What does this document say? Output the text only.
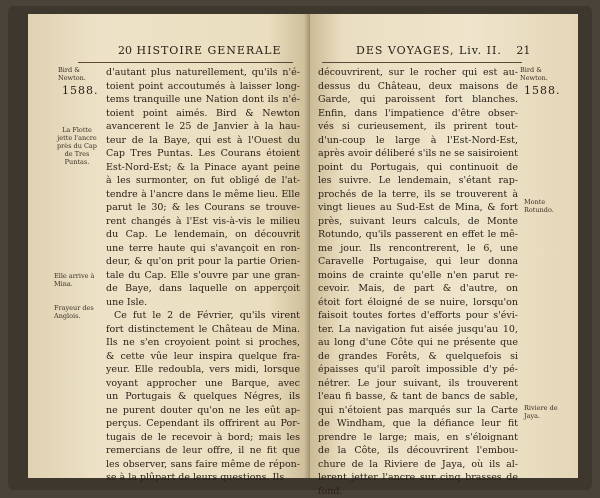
20 HISTOIRE GENERALE
Bird & Newton.
1588.
La Flotte jette l'ancre près du Cap de Tres Puntas.
Elle arrive à Mina.
Frayeur des Anglois.
d'autant plus naturellement, qu'ils n'é-
toient point accoutumés à laisser long-
tems tranquille une Nation dont ils n'é-
toient point aimés. Bird & Newton
avancerent le 25 de Janvier à la hau-
teur de la Baye, qui est à l'Ouest du
Cap Tres Puntas. Les Courans étoient
Est-Nord-Est; & la Pinace ayant peine
à les surmonter, on fut obligé de l'at-
tendre à l'ancre dans le même lieu. Elle
parut le 30; & les Courans se trouve-
rent changés à l'Est vis-à-vis le milieu
du Cap. Le lendemain, on découvrit
une terre haute qui s'avançoit en ron-
deur, & qu'on prit pour la partie Orien-
tale du Cap. Elle s'ouvre par une gran-
de Baye, dans laquelle on apperçoit
une Isle.
Ce fut le 2 de Février, qu'ils virent
fort distinctement le Château de Mina.
Ils ne s'en croyoient point si proches,
& cette vûe leur inspira quelque fra-
yeur. Elle redoubla, vers midi, lorsque
voyant approcher une Barque, avec
un Portugais & quelques Négres, ils
ne purent douter qu'on ne les eût ap-
perçus. Cependant ils offrirent au Por-
tugais de le recevoir à bord; mais les
remercians de leur offre, il ne fit que
les observer, sans faire même de répon-
se à la plûpart de leurs questions. Ils
DES VOYAGES, Liv. II. 21
Bird & Newton.
1588.
Monte Rotundo.
Riviere de Jaya.
découvrirent, sur le rocher qui est au-
dessus du Château, deux maisons de
Garde, qui paroissent fort blanches.
Enfin, dans l'impatience d'être obser-
vés si curieusement, ils prirent tout-
d'un-coup le large à l'Est-Nord-Est,
après avoir déliberé s'ils ne se saisiroient
point du Portugais, qui continuoit de
les suivre. Le lendemain, s'étant rap-
prochés de la terre, ils se trouverent à
vingt lieues au Sud-Est de Mina, & fort
près, suivant leurs calculs, de Monte
Rotundo, qu'ils passerent en effet le mê-
me jour. Ils rencontrerent, le 6, une
Caravelle Portugaise, qui leur donna
moins de crainte qu'elle n'en parut re-
cevoir. Mais, de part & d'autre, on
étoit fort éloigné de se nuire, lorsqu'on
faisoit toutes fortes d'efforts pour s'évi-
ter. La navigation fut aisée jusqu'au 10,
au long d'une Côte qui ne présente que
de grandes Forêts, & quelquefois si
épaisses qu'il paroît impossible d'y pé-
nétrer. Le jour suivant, ils trouverent
l'eau fi basse, & tant de bancs de sable,
qui n'étoient pas marqués sur la Carte
de Windham, que la défiance leur fit
prendre le large; mais, en s'éloignant
de la Côte, ils découvrirent l'embou-
chure de la Riviere de Jaya, où ils al-
lerent jetter l'ancre sur cinq brasses de
fond.
